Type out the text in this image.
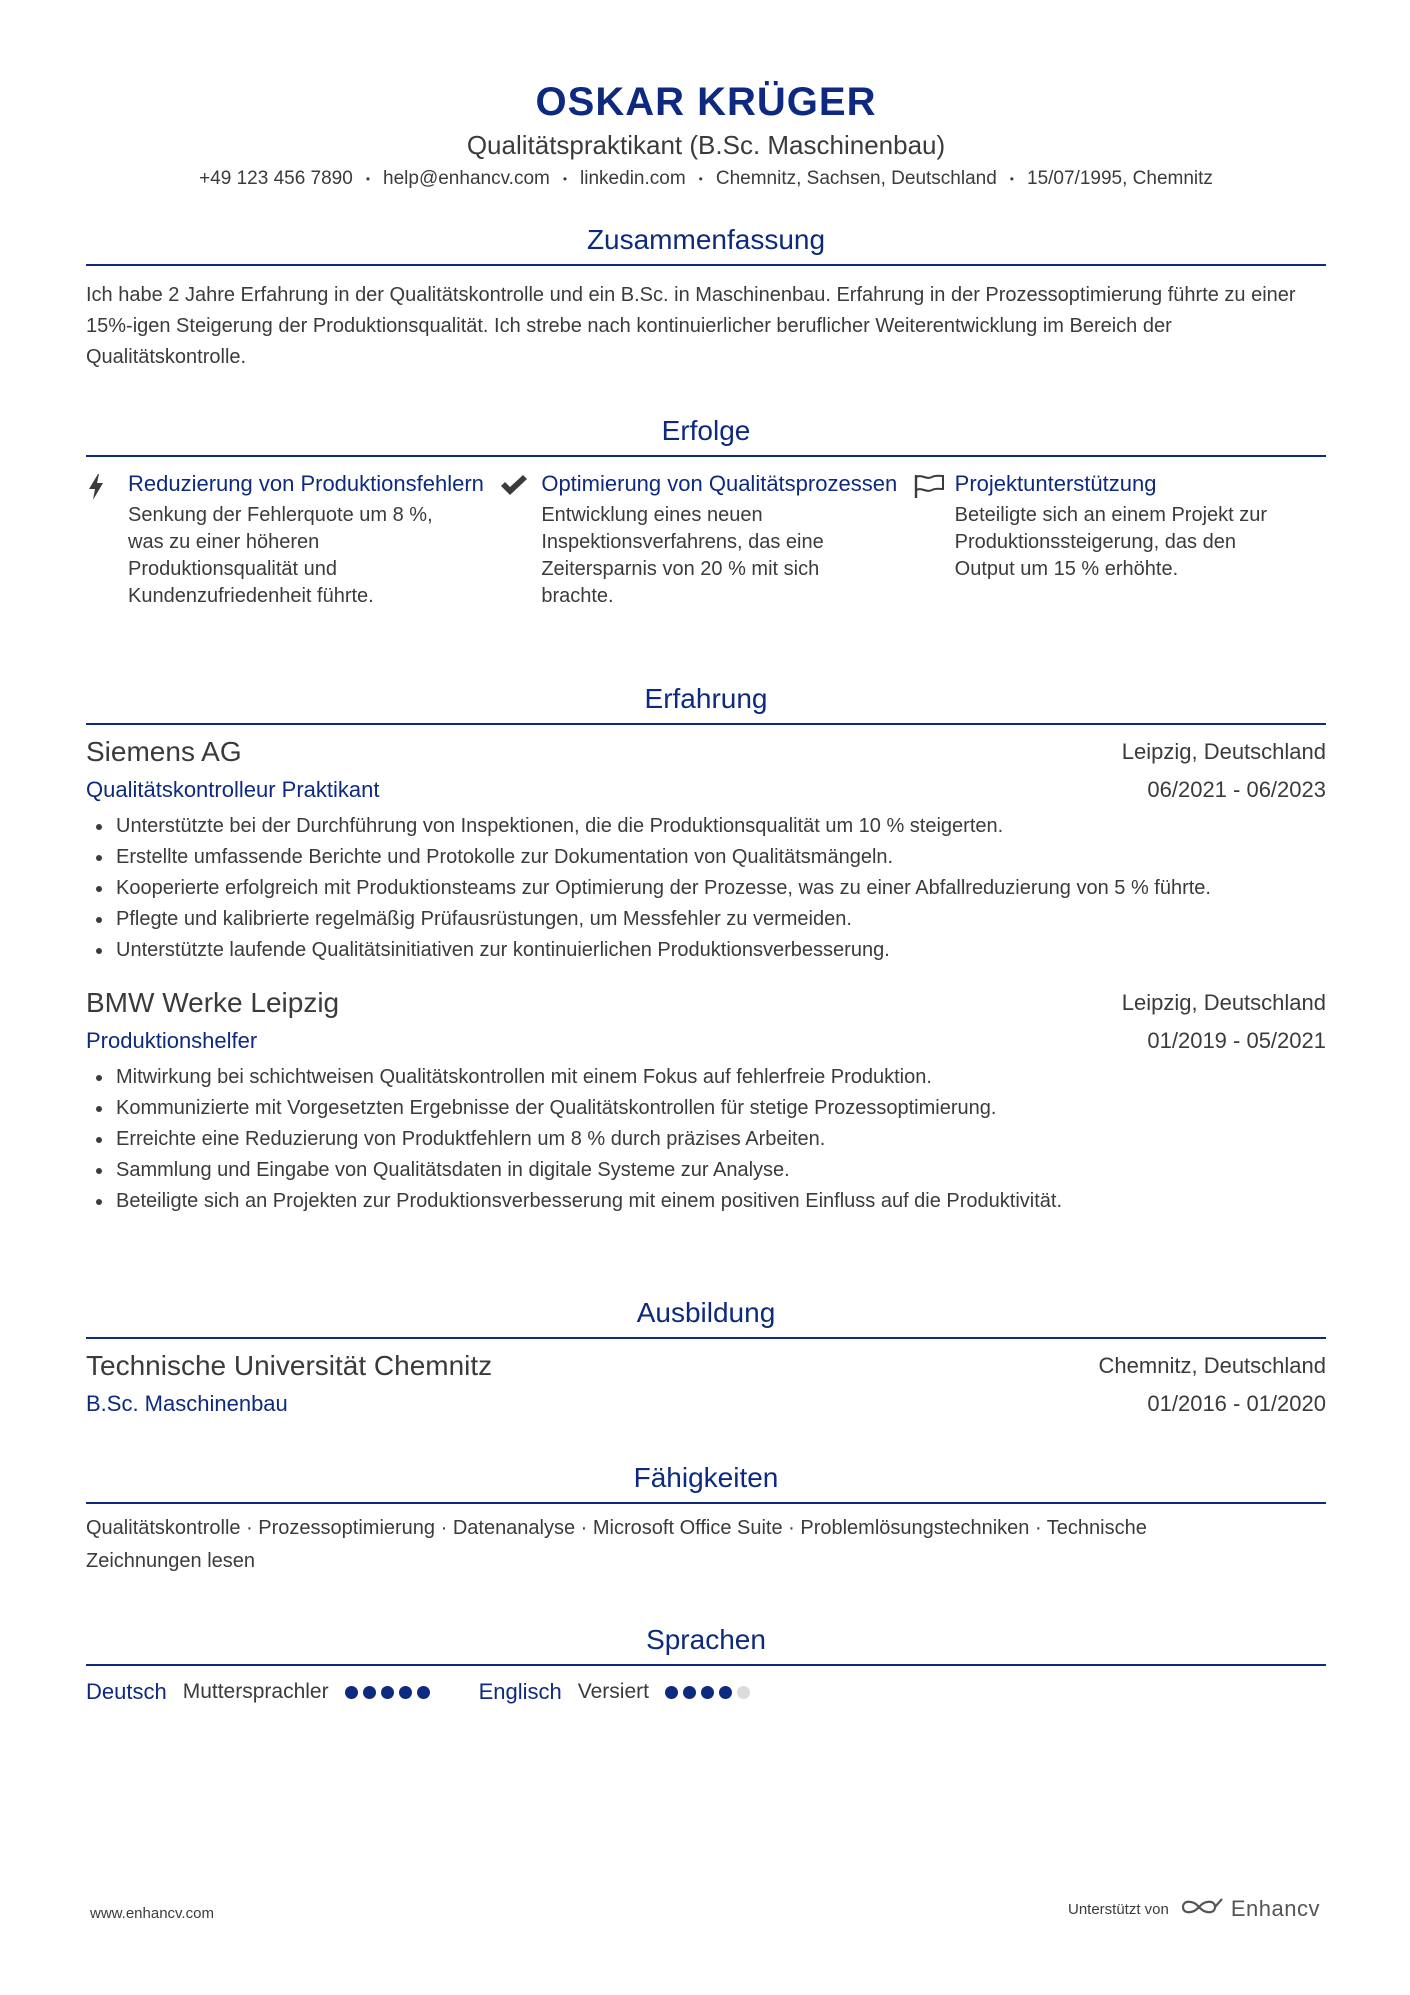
OSKAR KRÜGER
Qualitätspraktikant (B.Sc. Maschinenbau)
+49 123 456 7890 • help@enhancv.com • linkedin.com • Chemnitz, Sachsen, Deutschland • 15/07/1995, Chemnitz
Zusammenfassung
Ich habe 2 Jahre Erfahrung in der Qualitätskontrolle und ein B.Sc. in Maschinenbau. Erfahrung in der Prozessoptimierung führte zu einer 15%-igen Steigerung der Produktionsqualität. Ich strebe nach kontinuierlicher beruflicher Weiterentwicklung im Bereich der Qualitätskontrolle.
Erfolge
Reduzierung von Produktionsfehlern
Senkung der Fehlerquote um 8 %, was zu einer höheren Produktionsqualität und Kundenzufriedenheit führte.
Optimierung von Qualitätsprozessen
Entwicklung eines neuen Inspektionsverfahrens, das eine Zeitersparnis von 20 % mit sich brachte.
Projektunterstützung
Beteiligte sich an einem Projekt zur Produktionssteigerung, das den Output um 15 % erhöhte.
Erfahrung
Siemens AG	Leipzig, Deutschland
Qualitätskontrolleur Praktikant	06/2021 - 06/2023
• Unterstützte bei der Durchführung von Inspektionen, die die Produktionsqualität um 10 % steigerten.
• Erstellte umfassende Berichte und Protokolle zur Dokumentation von Qualitätsmängeln.
• Kooperierte erfolgreich mit Produktionsteams zur Optimierung der Prozesse, was zu einer Abfallreduzierung von 5 % führte.
• Pflegte und kalibrierte regelmäßig Prüfausrüstungen, um Messfehler zu vermeiden.
• Unterstützte laufende Qualitätsinitiativen zur kontinuierlichen Produktionsverbesserung.
BMW Werke Leipzig	Leipzig, Deutschland
Produktionshelfer	01/2019 - 05/2021
• Mitwirkung bei schichtweisen Qualitätskontrollen mit einem Fokus auf fehlerfreie Produktion.
• Kommunizierte mit Vorgesetzten Ergebnisse der Qualitätskontrollen für stetige Prozessoptimierung.
• Erreichte eine Reduzierung von Produktfehlern um 8 % durch präzises Arbeiten.
• Sammlung und Eingabe von Qualitätsdaten in digitale Systeme zur Analyse.
• Beteiligte sich an Projekten zur Produktionsverbesserung mit einem positiven Einfluss auf die Produktivität.
Ausbildung
Technische Universität Chemnitz	Chemnitz, Deutschland
B.Sc. Maschinenbau	01/2016 - 01/2020
Fähigkeiten
Qualitätskontrolle · Prozessoptimierung · Datenanalyse · Microsoft Office Suite · Problemlösungstechniken · Technische Zeichnungen lesen
Sprachen
Deutsch Muttersprachler	Englisch Versiert
www.enhancv.com	Unterstützt von	Enhancv
